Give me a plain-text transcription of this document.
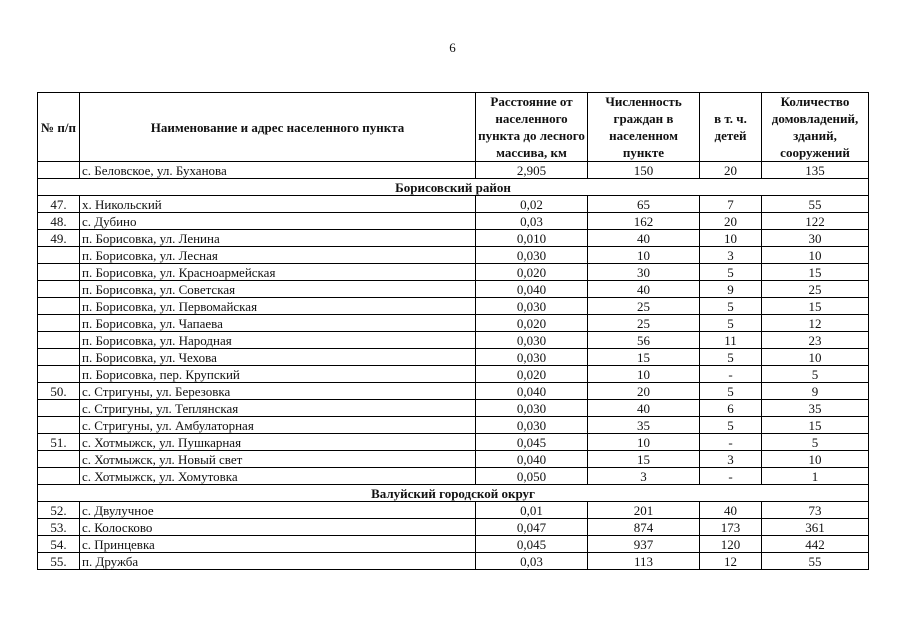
6
№ п/п	Наименование и адрес населенного пункта	Расстояние от населенного пункта до лесного массива, км	Численность граждан в населенном пункте	в т. ч. детей	Количество домовладений, зданий, сооружений
	с. Беловское, ул. Буханова	2,905	150	20	135
Борисовский район					
47.	х. Никольский	0,02	65	7	55
48.	с. Дубино	0,03	162	20	122
49.	п. Борисовка, ул. Ленина	0,010	40	10	30
	п. Борисовка, ул. Лесная	0,030	10	3	10
	п. Борисовка, ул. Красноармейская	0,020	30	5	15
	п. Борисовка, ул. Советская	0,040	40	9	25
	п. Борисовка, ул. Первомайская	0,030	25	5	15
	п. Борисовка, ул. Чапаева	0,020	25	5	12
	п. Борисовка, ул. Народная	0,030	56	11	23
	п. Борисовка, ул. Чехова	0,030	15	5	10
	п. Борисовка, пер. Крупский	0,020	10	-	5
50.	с. Стригуны, ул. Березовка	0,040	20	5	9
	с. Стригуны, ул. Теплянская	0,030	40	6	35
	с. Стригуны, ул. Амбулаторная	0,030	35	5	15
51.	с. Хотмыжск, ул. Пушкарная	0,045	10	-	5
	с. Хотмыжск, ул. Новый свет	0,040	15	3	10
	с. Хотмыжск, ул. Хомутовка	0,050	3	-	1
Валуйский городской округ					
52.	с. Двулучное	0,01	201	40	73
53.	с. Колосково	0,047	874	173	361
54.	с. Принцевка	0,045	937	120	442
55.	п. Дружба	0,03	113	12	55
